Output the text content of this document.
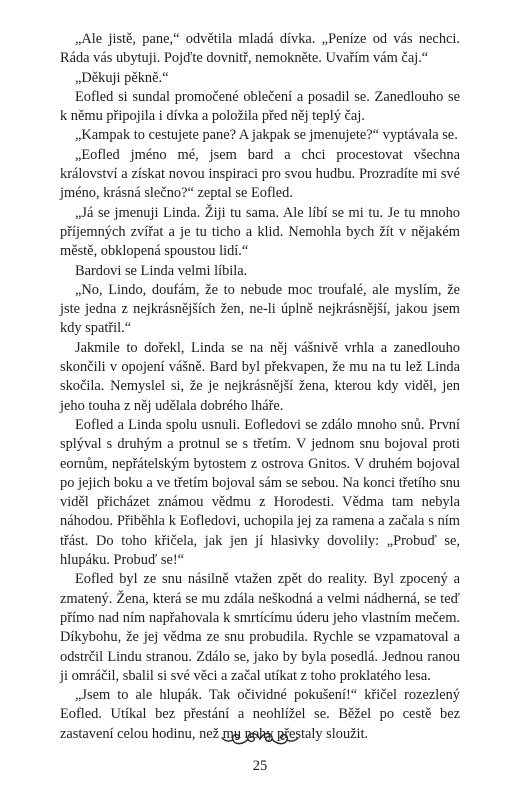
„Ale jistě, pane,“ odvětila mladá dívka. „Peníze od vás nechci. Ráda vás ubytuji. Pojďte dovnitř, nemokněte. Uvařím vám čaj.“

„Děkuji pěkně.“

Eofled si sundal promočené oblečení a posadil se. Zanedlouho se k němu připojila i dívka a položila před něj teplý čaj.

„Kampak to cestujete pane? A jakpak se jmenujete?“ vyptávala se.

„Eofled jméno mé, jsem bard a chci procestovat všechna království a získat novou inspiraci pro svou hudbu. Prozradíte mi své jméno, krásná slečno?“ zeptal se Eofled.

„Já se jmenuji Linda. Žiji tu sama. Ale líbí se mi tu. Je tu mnoho příjemných zvířat a je tu ticho a klid. Nemohla bych žít v nějakém městě, obklopená spoustou lidí.“

Bardovi se Linda velmi líbila.

„No, Lindo, doufám, že to nebude moc troufalé, ale myslím, že jste jedna z nejkrásnějších žen, ne-li úplně nejkrásnější, jakou jsem kdy spatřil.“

Jakmile to dořekl, Linda se na něj vášnivě vrhla a zanedlouho skončili v opojení vášně. Bard byl překvapen, že mu na tu lež Linda skočila. Nemyslel si, že je nejkrásnější žena, kterou kdy viděl, jen jeho touha z něj udělala dobrého lháře.

Eofled a Linda spolu usnuli. Eofledovi se zdálo mnoho snů. První splýval s druhým a protnul se s třetím. V jednom snu bojoval proti eornům, nepřátelským bytostem z ostrova Gnitos. V druhém bojoval po jejich boku a ve třetím bojoval sám se sebou. Na konci třetího snu viděl přicházet známou vědmu z Horodesti. Vědma tam nebyla náhodou. Přiběhla k Eofledovi, uchopila jej za ramena a začala s ním třást. Do toho křičela, jak jen jí hlasivky dovolily: „Probuď se, hlupáku. Probuď se!“

Eofled byl ze snu násilně vtažen zpět do reality. Byl zpocený a zmatený. Žena, která se mu zdála neškodná a velmi nádherná, se teď přímo nad ním napřahovala k smrtícímu úderu jeho vlastním mečem. Díkybohu, že jej vědma ze snu probudila. Rychle se vzpamatoval a odstrčil Lindu stranou. Zdálo se, jako by byla posedlá. Jednou ranou ji omráčil, sbalil si své věci a začal utíkat z toho proklatého lesa.

„Jsem to ale hlupák. Tak očividné pokušení!“ křičel rozezlený Eofled. Utíkal bez přestání a neohlížel se. Běžel po cestě bez zastavení celou hodinu, než mu nohy přestaly sloužit.

25
